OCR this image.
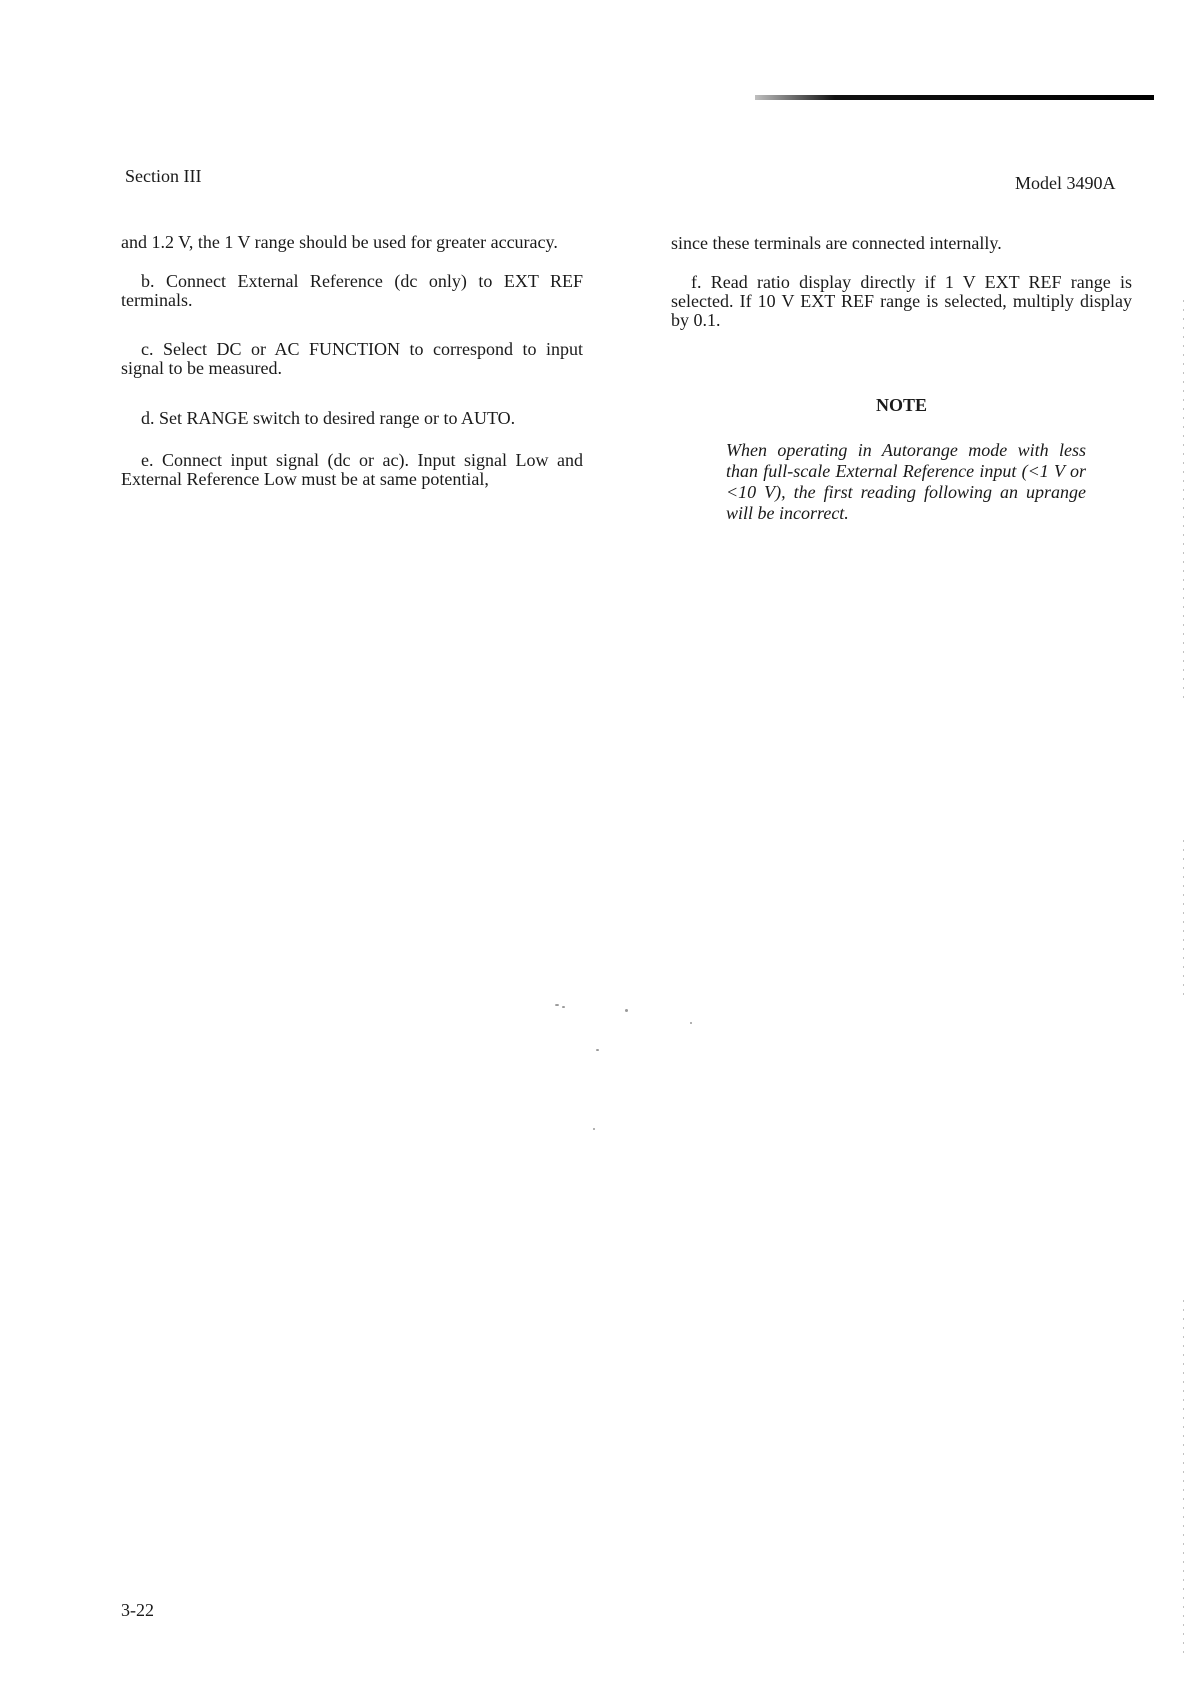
Section III	Model 3490A

and 1.2 V, the 1 V range should be used for greater accuracy.

b. Connect External Reference (dc only) to EXT REF terminals.

c. Select DC or AC FUNCTION to correspond to input signal to be measured.

d. Set RANGE switch to desired range or to AUTO.

e. Connect input signal (dc or ac). Input signal Low and External Reference Low must be at same potential,

since these terminals are connected internally.

f. Read ratio display directly if 1 V EXT REF range is selected. If 10 V EXT REF range is selected, multiply display by 0.1.

NOTE

When operating in Autorange mode with less than full-scale External Reference input (<1 V or <10 V), the first reading following an uprange will be incorrect.

3-22
